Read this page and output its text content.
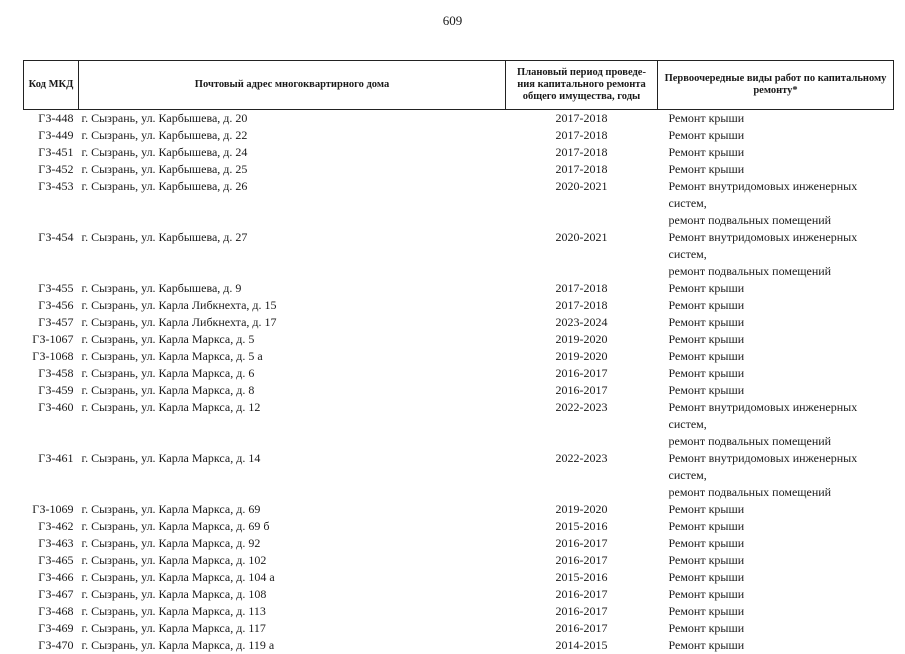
609
Код МКД	Почтовый адрес многоквартирного дома	Плановый период проведе-ния капитального ремонта общего имущества, годы	Первоочередные виды работ по капитальному ремонту*
ГЗ-448	г. Сызрань, ул. Карбышева, д. 20	2017-2018	Ремонт крыши

ГЗ-449	г. Сызрань, ул. Карбышева, д. 22	2017-2018	Ремонт крыши

ГЗ-451	г. Сызрань, ул. Карбышева, д. 24	2017-2018	Ремонт крыши

ГЗ-452	г. Сызрань, ул. Карбышева, д. 25	2017-2018	Ремонт крыши

ГЗ-453	г. Сызрань, ул. Карбышева, д. 26	2020-2021	Ремонт внутридомовых инженерных систем,
ремонт подвальных помещений

ГЗ-454	г. Сызрань, ул. Карбышева, д. 27	2020-2021	Ремонт внутридомовых инженерных систем,
ремонт подвальных помещений

ГЗ-455	г. Сызрань, ул. Карбышева, д. 9	2017-2018	Ремонт крыши

ГЗ-456	г. Сызрань, ул. Карла Либкнехта, д. 15	2017-2018	Ремонт крыши

ГЗ-457	г. Сызрань, ул. Карла Либкнехта, д. 17	2023-2024	Ремонт крыши

ГЗ-1067	г. Сызрань, ул. Карла Маркса, д. 5	2019-2020	Ремонт крыши

ГЗ-1068	г. Сызрань, ул. Карла Маркса, д. 5 а	2019-2020	Ремонт крыши

ГЗ-458	г. Сызрань, ул. Карла Маркса, д. 6	2016-2017	Ремонт крыши

ГЗ-459	г. Сызрань, ул. Карла Маркса, д. 8	2016-2017	Ремонт крыши

ГЗ-460	г. Сызрань, ул. Карла Маркса, д. 12	2022-2023	Ремонт внутридомовых инженерных систем,
ремонт подвальных помещений

ГЗ-461	г. Сызрань, ул. Карла Маркса, д. 14	2022-2023	Ремонт внутридомовых инженерных систем,
ремонт подвальных помещений

ГЗ-1069	г. Сызрань, ул. Карла Маркса, д. 69	2019-2020	Ремонт крыши

ГЗ-462	г. Сызрань, ул. Карла Маркса, д. 69 б	2015-2016	Ремонт крыши

ГЗ-463	г. Сызрань, ул. Карла Маркса, д. 92	2016-2017	Ремонт крыши

ГЗ-465	г. Сызрань, ул. Карла Маркса, д. 102	2016-2017	Ремонт крыши

ГЗ-466	г. Сызрань, ул. Карла Маркса, д. 104 а	2015-2016	Ремонт крыши

ГЗ-467	г. Сызрань, ул. Карла Маркса, д. 108	2016-2017	Ремонт крыши

ГЗ-468	г. Сызрань, ул. Карла Маркса, д. 113	2016-2017	Ремонт крыши

ГЗ-469	г. Сызрань, ул. Карла Маркса, д. 117	2016-2017	Ремонт крыши

ГЗ-470	г. Сызрань, ул. Карла Маркса, д. 119 а	2014-2015	Ремонт крыши
